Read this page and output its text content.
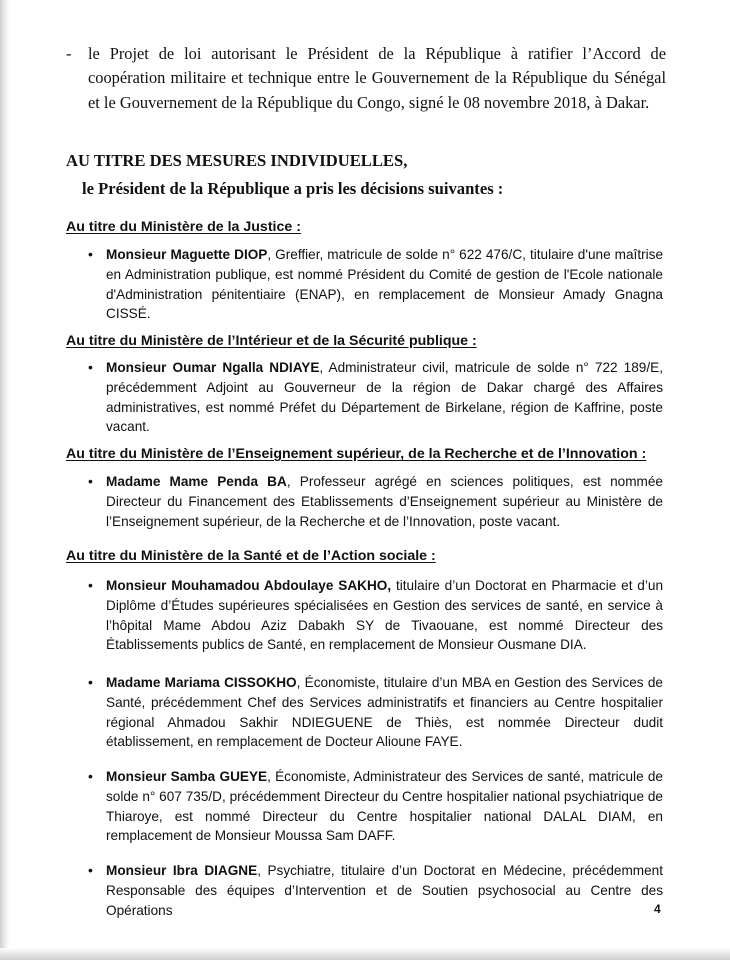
- le Projet de loi autorisant le Président de la République à ratifier l’Accord de coopération militaire et technique entre le Gouvernement de la République du Sénégal et le Gouvernement de la République du Congo, signé le 08 novembre 2018, à Dakar.
AU TITRE DES MESURES INDIVIDUELLES,
le Président de la République a pris les décisions suivantes :
Au titre du Ministère de la Justice :
• Monsieur Maguette DIOP, Greffier, matricule de solde n° 622 476/C, titulaire d'une maîtrise en Administration publique, est nommé Président du Comité de gestion de l'Ecole nationale d'Administration pénitentiaire (ENAP), en remplacement de Monsieur Amady Gnagna CISSÉ.
Au titre du Ministère de l’Intérieur et de la Sécurité publique :
• Monsieur Oumar Ngalla NDIAYE, Administrateur civil, matricule de solde n° 722 189/E, précédemment Adjoint au Gouverneur de la région de Dakar chargé des Affaires administratives, est nommé Préfet du Département de Birkelane, région de Kaffrine, poste vacant.
Au titre du Ministère de l’Enseignement supérieur, de la Recherche et de l’Innovation :
• Madame Mame Penda BA, Professeur agrégé en sciences politiques, est nommée Directeur du Financement des Etablissements d’Enseignement supérieur au Ministère de l’Enseignement supérieur, de la Recherche et de l’Innovation, poste vacant.
Au titre du Ministère de la Santé et de l’Action sociale :
• Monsieur Mouhamadou Abdoulaye SAKHO, titulaire d’un Doctorat en Pharmacie et d’un Diplôme d’Études supérieures spécialisées en Gestion des services de santé, en service à l’hôpital Mame Abdou Aziz Dabakh SY de Tivaouane, est nommé Directeur des Établissements publics de Santé, en remplacement de Monsieur Ousmane DIA.
• Madame Mariama CISSOKHO, Économiste, titulaire d’un MBA en Gestion des Services de Santé, précédemment Chef des Services administratifs et financiers au Centre hospitalier régional Ahmadou Sakhir NDIEGUENE de Thiès, est nommée Directeur dudit établissement, en remplacement de Docteur Alioune FAYE.
• Monsieur Samba GUEYE, Économiste, Administrateur des Services de santé, matricule de solde n° 607 735/D, précédemment Directeur du Centre hospitalier national psychiatrique de Thiaroye, est nommé Directeur du Centre hospitalier national DALAL DIAM, en remplacement de Monsieur Moussa Sam DAFF.
• Monsieur Ibra DIAGNE, Psychiatre, titulaire d’un Doctorat en Médecine, précédemment Responsable des équipes d’Intervention et de Soutien psychosocial au Centre des Opérations	4
